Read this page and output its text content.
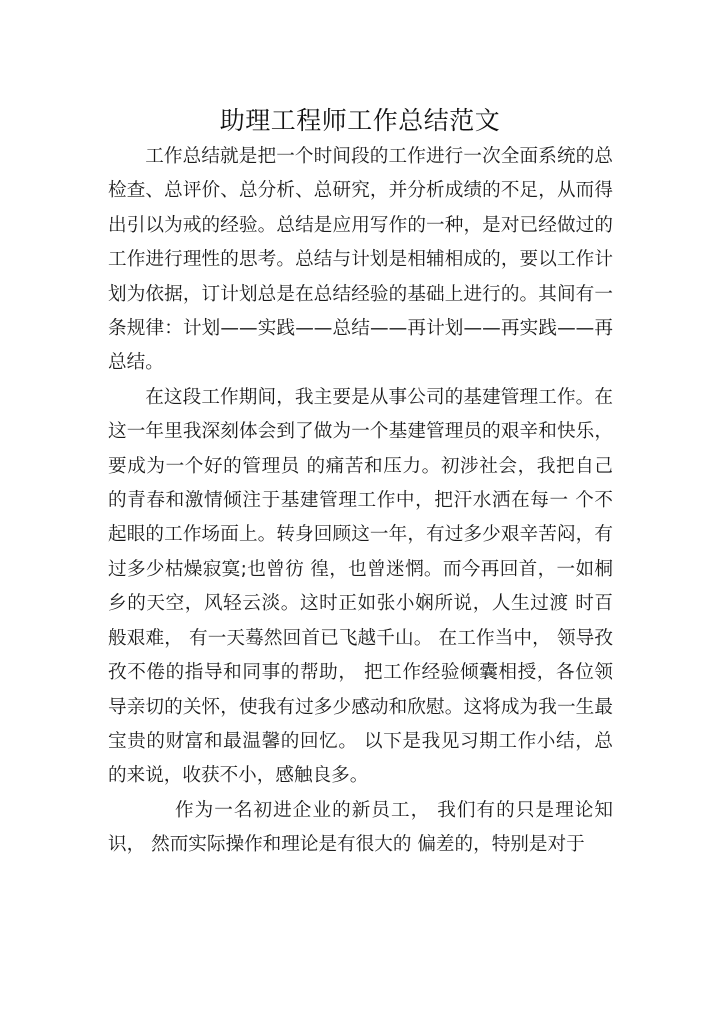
助理工程师工作总结范文

工作总结就是把一个时间段的工作进行一次全面系统的总检查、总评价、总分析、总研究，并分析成绩的不足，从而得出引以为戒的经验。总结是应用写作的一种，是对已经做过的工作进行理性的思考。总结与计划是相辅相成的，要以工作计划为依据，订计划总是在总结经验的基础上进行的。其间有一条规律：计划——实践——总结——再计划——再实践——再总结。

在这段工作期间，我主要是从事公司的基建管理工作。在这一年里我深刻体会到了做为一个基建管理员的艰辛和快乐， 要成为一个好的管理员 的痛苦和压力。初涉社会，我把自己的青春和激情倾注于基建管理工作中，把汗水洒在每一 个不起眼的工作场面上。转身回顾这一年，有过多少艰辛苦闷，有过多少枯燥寂寞;也曾彷 徨，也曾迷惘。而今再回首，一如桐乡的天空，风轻云淡。这时正如张小娴所说，人生过渡 时百般艰难， 有一天蓦然回首已飞越千山。 在工作当中， 领导孜孜不倦的指导和同事的帮助， 把工作经验倾囊相授，各位领导亲切的关怀，使我有过多少感动和欣慰。这将成为我一生最 宝贵的财富和最温馨的回忆。 以下是我见习期工作小结，总的来说，收获不小，感触良多。

作为一名初进企业的新员工， 我们有的只是理论知识， 然而实际操作和理论是有很大的 偏差的，特别是对于
